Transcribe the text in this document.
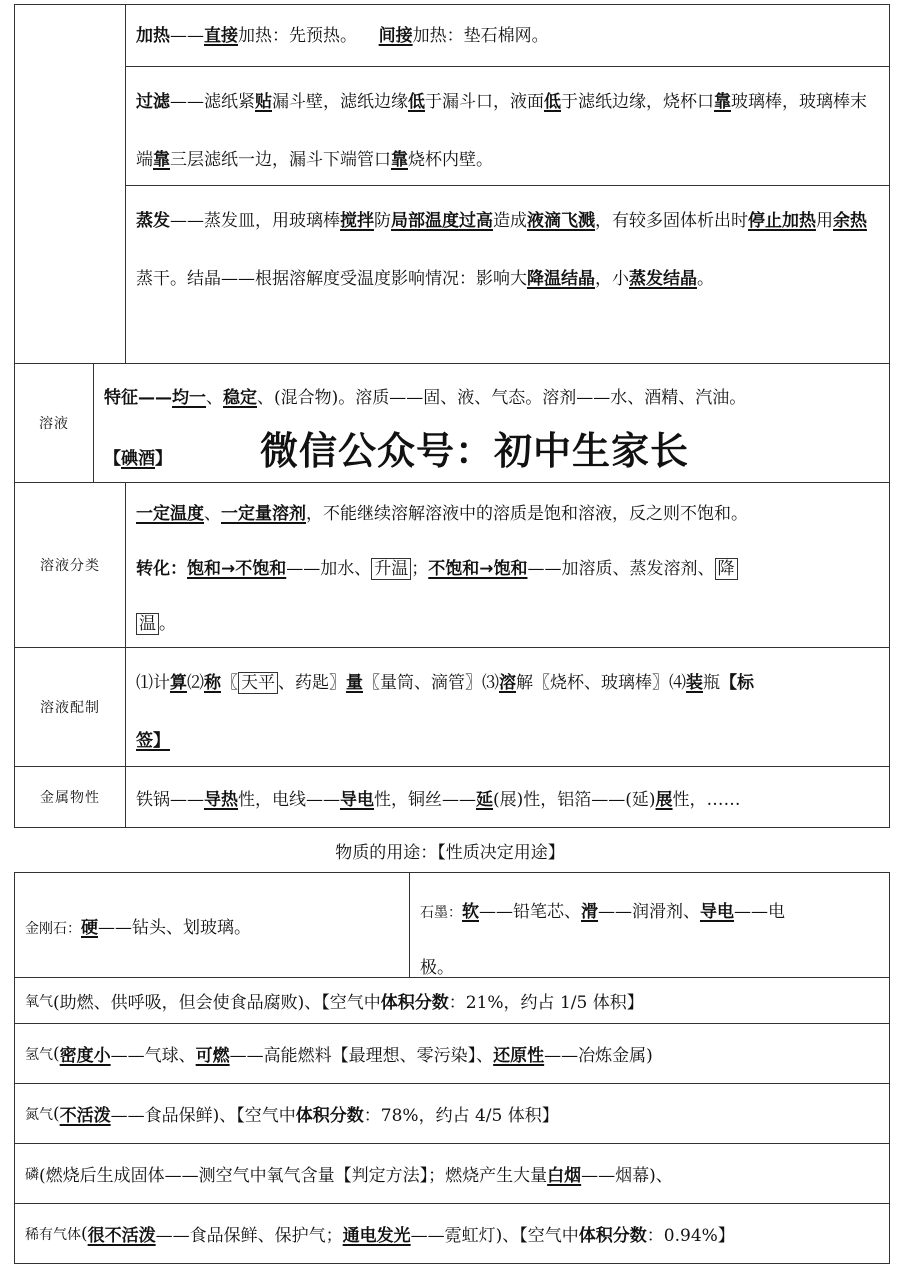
加热——直接加热：先预热。 间接加热：垫石棉网。
过滤——滤纸紧贴漏斗壁，滤纸边缘低于漏斗口，液面低于滤纸边缘，烧杯口靠玻璃棒，玻璃棒末端靠三层滤纸一边，漏斗下端管口靠烧杯内壁。
蒸发——蒸发皿，用玻璃棒搅拌防局部温度过高造成液滴飞溅，有较多固体析出时停止加热用余热蒸干。结晶——根据溶解度受温度影响情况：影响大降温结晶，小蒸发结晶。
溶液
特征——均一、稳定、(混合物)。溶质——固、液、气态。溶剂——水、酒精、汽油。
【碘酒】 微信公众号：初中生家长
溶液分类
一定温度、一定量溶剂，不能继续溶解溶液中的溶质是饱和溶液，反之则不饱和。
转化：饱和→不饱和——加水、 升温 ；不饱和→饱和——加溶质、蒸发溶剂、 降
温 。
溶液配制
⑴计算⑵称〖 天平 、药匙〗量〖量筒、滴管〗⑶溶解〖烧杯、玻璃棒〗⑷装瓶【标
签】
金属物性	铁锅—— 导热 性，电线—— 导电 性，铜丝—— 延 (展)性，铝箔——(延) 展 性，……
物质的用途：【性质决定用途】
金刚石：硬——钻头、划玻璃。
石墨：软——铅笔芯、滑——润滑剂、导电——电
极。
氧气 (助燃、供呼吸，但会使食品腐败)、【空气中 体积分数 ：21%，约占 1/5 体积】
氢气 ( 密度小 ——气球、 可燃 ——高能燃料【最理想、零污染】、 还原性 ——冶炼金属)
氮气 ( 不活泼 ——食品保鲜)、【空气中 体积分数 ：78%，约占 4/5 体积】
磷 (燃烧后生成固体——测空气中氧气含量【判定方法】；燃烧产生大量 白烟 ——烟幕)、
稀有气体 ( 很不活泼 ——食品保鲜、保护气； 通电发光 ——霓虹灯)、【空气中 体积分数 ：0.94%】
